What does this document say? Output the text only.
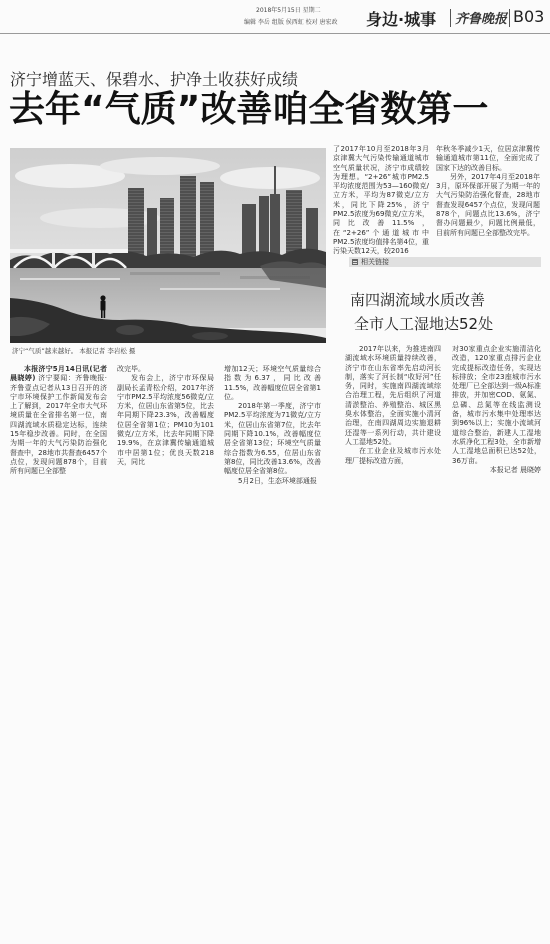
2018年5月15日 星期二
编辑 李岳 组版 侯西虹 校对 唐宏政 身边·城事 齐鲁晚报 B03
济宁增蓝天、保碧水、护净土收获好成绩
去年“气质”改善咱全省数第一
济宁“气质”越来越好。 本报记者 李岩松 摄

了2017年10月至2018年3月京津冀大气污染传输通道城市空气质量状况，济宁市成绩较为理想。“2+26”城市PM2.5平均浓度范围为53—160微克/立方米，平均为87微克/立方米，同比下降25%，济宁PM2.5浓度为69微克/立方米，同比改善11.5%，在“2+26”个通道城市中PM2.5浓度均值排名第4位，重污染天数12天，较2016

年秋冬季减少1天，位居京津冀传输通道城市第11位，全面完成了国家下达的改善目标。

另外，2017年4月至2018年3月，原环保部开展了为期一年的大气污染防治强化督查，28地市督查发现6457个点位，发现问题878个，问题点比13.6%，济宁督办问题最少，问题比例最低，目前所有问题已全部整改完毕。

本报济宁5月14日讯(记者 晨晓婷) 济宁要闻：齐鲁晚报·齐鲁壹点记者从13日召开的济宁市环境保护工作新闻发布会上了解到，2017年全市大气环境质量在全省排名第一位，南四湖流域水质稳定达标，连续15年稳步改善。同时，在全国为期一年的大气污染防治强化督查中，28地市共督查6457个点位，发现问题878个，目前所有问题已全部整

改完毕。

发布会上，济宁市环保局副局长孟青松介绍，2017年济宁市PM2.5平均浓度56微克/立方米，位居山东省第5位，比去年同期下降23.3%，改善幅度位居全省第1位；PM10为101微克/立方米，比去年同期下降19.9%，在京津冀传输通道城市中居第1位；优良天数218天，同比

增加12天；环境空气质量综合指数为6.37，同比改善11.5%，改善幅度位居全省第1位。

2018年第一季度，济宁市PM2.5平均浓度为71微克/立方米，位居山东省第7位，比去年同期下降10.1%，改善幅度位居全省第13位；环境空气质量综合指数为6.55，位居山东省第8位，同比改善13.6%，改善幅度位居全省第8位。

5月2日，生态环境部通报

相关链接
南四湖流域水质改善
全市人工湿地达52处

2017年以来，为推进南四湖流域水环境质量持续改善，济宁市在山东省率先启动河长制，落实了河长制“收好河”任务，同时，实施南四湖流域综合治理工程，先后组织了河道清淤整治、养殖整治、城区黑臭水体整治，全面实施小清河治理，在南四湖周边实施退耕还湿等一系列行动，共计建设人工湿地52处。

在工业企业及城市污水处理厂提标改造方面，

对30家重点企业实施清洁化改造，120家重点排污企业完成提标改造任务，实现达标排放；全市23座城市污水处理厂已全部达到一级A标准排放，并加密COD、氨氮、总磷、总氮等在线监测设备，城市污水集中处理率达到96%以上；实施小流域河道综合整治，新建人工湿地水质净化工程3处，全市新增人工湿地总面积已达52处，36万亩。

本报记者 晨晓婷
